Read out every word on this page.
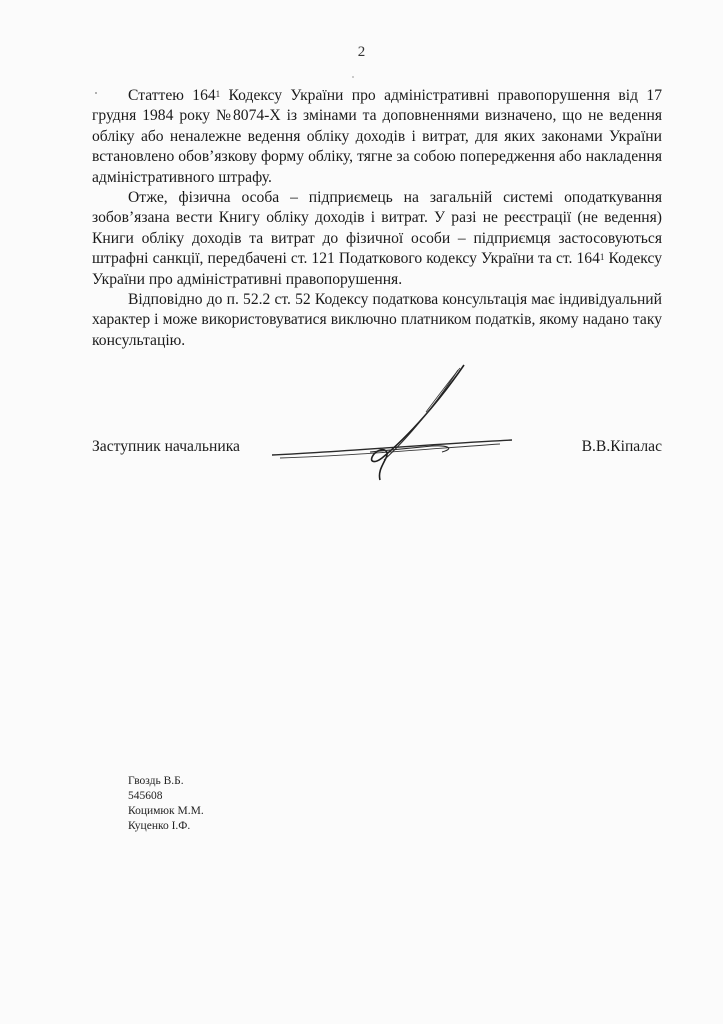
2

Статтею $164^1$ Кодексу України про адміністративні правопорушення від 17 грудня 1984 року №8074-Х із змінами та доповненнями визначено, що не ведення обліку або неналежне ведення обліку доходів і витрат, для яких законами України встановлено обов’язкову форму обліку, тягне за собою попередження або накладення адміністративного штрафу.

Отже, фізична особа – підприємець на загальній системі оподаткування зобов’язана вести Книгу обліку доходів і витрат. У разі не реєстрації (не ведення) Книги обліку доходів та витрат до фізичної особи – підприємця застосовуються штрафні санкції, передбачені ст. 121 Податкового кодексу України та ст. $164^1$ Кодексу України про адміністративні правопорушення.

Відповідно до п. 52.2 ст. 52 Кодексу податкова консультація має індивідуальний характер і може використовуватися виключно платником податків, якому надано таку консультацію.

Заступник начальника	В.В.Кіпалас
Гвоздь В.Б.
545608
Коцимюк М.М.
Куценко І.Ф.
